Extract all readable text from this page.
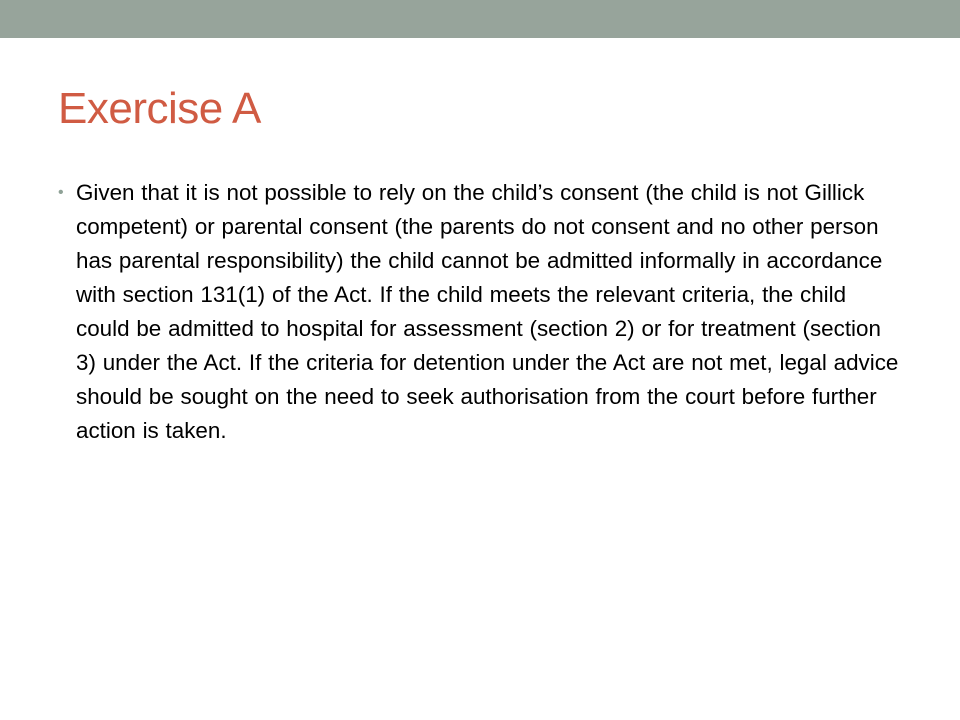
Exercise A
• Given that it is not possible to rely on the child’s consent (the child is not Gillick competent) or parental consent (the parents do not consent and no other person has parental responsibility) the child cannot be admitted informally in accordance with section 131(1) of the Act. If the child meets the relevant criteria, the child could be admitted to hospital for assessment (section 2) or for treatment (section 3) under the Act. If the criteria for detention under the Act are not met, legal advice should be sought on the need to seek authorisation from the court before further action is taken.
